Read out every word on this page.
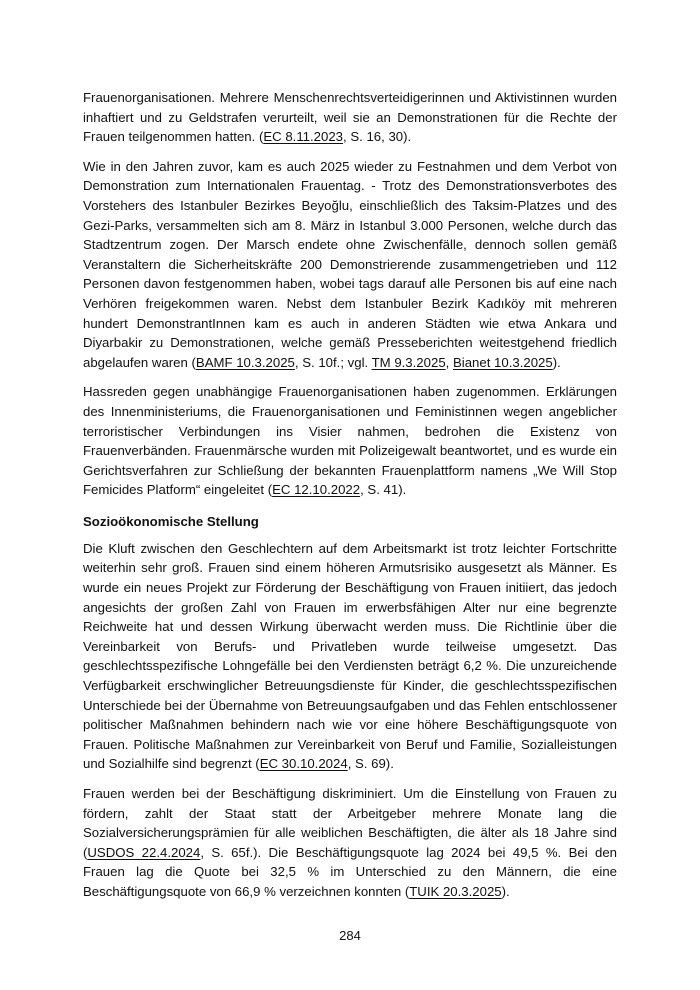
Frauenorganisationen. Mehrere Menschenrechtsverteidigerinnen und Aktivistinnen wurden inhaftiert und zu Geldstrafen verurteilt, weil sie an Demonstrationen für die Rechte der Frauen teilgenommen hatten. (EC 8.11.2023, S. 16, 30).

Wie in den Jahren zuvor, kam es auch 2025 wieder zu Festnahmen und dem Verbot von Demonstration zum Internationalen Frauentag. - Trotz des Demonstrationsverbotes des Vorstehers des Istanbuler Bezirkes Beyoğlu, einschließlich des Taksim-Platzes und des Gezi-Parks, versammelten sich am 8. März in Istanbul 3.000 Personen, welche durch das Stadtzentrum zogen. Der Marsch endete ohne Zwischenfälle, dennoch sollen gemäß Veranstaltern die Sicherheitskräfte 200 Demonstrierende zusammengetrieben und 112 Personen davon festgenommen haben, wobei tags darauf alle Personen bis auf eine nach Verhören freigekommen waren. Nebst dem Istanbuler Bezirk Kadıköy mit mehreren hundert DemonstrantInnen kam es auch in anderen Städten wie etwa Ankara und Diyarbakir zu Demonstrationen, welche gemäß Presseberichten weitestgehend friedlich abgelaufen waren (BAMF 10.3.2025, S. 10f.; vgl. TM 9.3.2025, Bianet 10.3.2025).

Hassreden gegen unabhängige Frauenorganisationen haben zugenommen. Erklärungen des Innenministeriums, die Frauenorganisationen und Feministinnen wegen angeblicher terroristischer Verbindungen ins Visier nahmen, bedrohen die Existenz von Frauenverbänden. Frauenmärsche wurden mit Polizeigewalt beantwortet, und es wurde ein Gerichtsverfahren zur Schließung der bekannten Frauenplattform namens „We Will Stop Femicides Platform“ eingeleitet (EC 12.10.2022, S. 41).

Sozioökonomische Stellung

Die Kluft zwischen den Geschlechtern auf dem Arbeitsmarkt ist trotz leichter Fortschritte weiterhin sehr groß. Frauen sind einem höheren Armutsrisiko ausgesetzt als Männer. Es wurde ein neues Projekt zur Förderung der Beschäftigung von Frauen initiiert, das jedoch angesichts der großen Zahl von Frauen im erwerbsfähigen Alter nur eine begrenzte Reichweite hat und dessen Wirkung überwacht werden muss. Die Richtlinie über die Vereinbarkeit von Berufs- und Privatleben wurde teilweise umgesetzt. Das geschlechtsspezifische Lohngefälle bei den Verdiensten beträgt 6,2 %. Die unzureichende Verfügbarkeit erschwinglicher Betreuungsdienste für Kinder, die geschlechtsspezifischen Unterschiede bei der Übernahme von Betreuungsaufgaben und das Fehlen entschlossener politischer Maßnahmen behindern nach wie vor eine höhere Beschäftigungsquote von Frauen. Politische Maßnahmen zur Vereinbarkeit von Beruf und Familie, Sozialleistungen und Sozialhilfe sind begrenzt (EC 30.10.2024, S. 69).

Frauen werden bei der Beschäftigung diskriminiert. Um die Einstellung von Frauen zu fördern, zahlt der Staat statt der Arbeitgeber mehrere Monate lang die Sozialversicherungsprämien für alle weiblichen Beschäftigten, die älter als 18 Jahre sind (USDOS 22.4.2024, S. 65f.). Die Beschäftigungsquote lag 2024 bei 49,5 %. Bei den Frauen lag die Quote bei 32,5 % im Unterschied zu den Männern, die eine Beschäftigungsquote von 66,9 % verzeichnen konnten (TUIK 20.3.2025).

284
